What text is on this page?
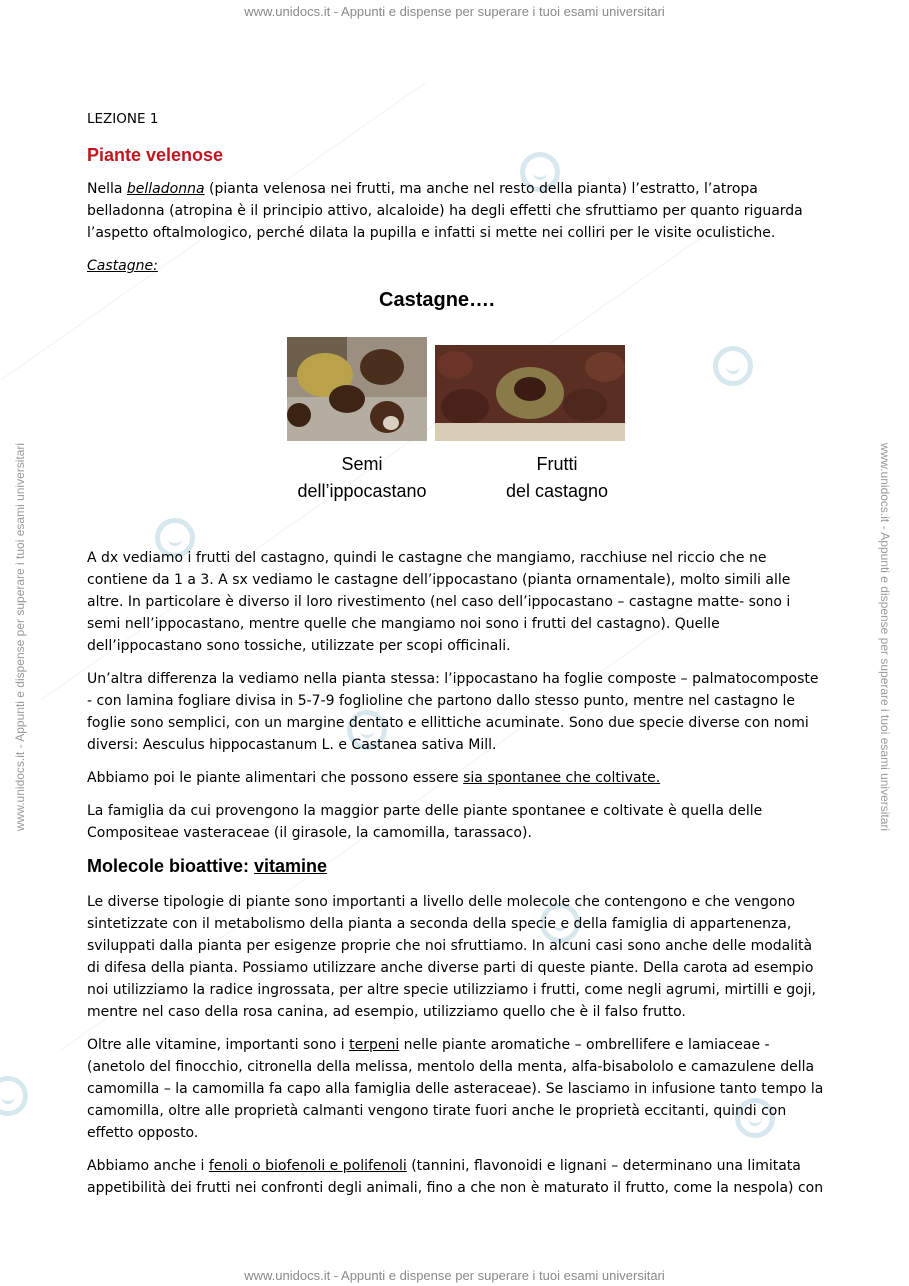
www.unidocs.it - Appunti e dispense per superare i tuoi esami universitari
www.unidocs.it - Appunti e dispense per superare i tuoi esami universitari
www.unidocs.it - Appunti e dispense per superare i tuoi esami universitari	www.unidocs.it - Appunti e dispense per superare i tuoi esami universitari
LEZIONE 1
Piante velenose

Nella belladonna (pianta velenosa nei frutti, ma anche nel resto della pianta) l’estratto, l’atropa belladonna (atropina è il principio attivo, alcaloide) ha degli effetti che sfruttiamo per quanto riguarda l’aspetto oftalmologico, perché dilata la pupilla e infatti si mette nei colliri per le visite oculistiche.

Castagne:

Castagne….
Semi
dell’ippocastano
Frutti
del castagno

A dx vediamo i frutti del castagno, quindi le castagne che mangiamo, racchiuse nel riccio che ne contiene da 1 a 3. A sx vediamo le castagne dell’ippocastano (pianta ornamentale), molto simili alle altre. In particolare è diverso il loro rivestimento (nel caso dell’ippocastano – castagne matte- sono i semi nell’ippocastano, mentre quelle che mangiamo noi sono i frutti del castagno). Quelle dell’ippocastano sono tossiche, utilizzate per scopi officinali.

Un’altra differenza la vediamo nella pianta stessa: l’ippocastano ha foglie composte – palmatocomposte - con lamina fogliare divisa in 5-7-9 foglioline che partono dallo stesso punto, mentre nel castagno le foglie sono semplici, con un margine dentato e ellittiche acuminate. Sono due specie diverse con nomi diversi: Aesculus hippocastanum L. e Castanea sativa Mill.

Abbiamo poi le piante alimentari che possono essere sia spontanee che coltivate.

La famiglia da cui provengono la maggior parte delle piante spontanee e coltivate è quella delle Compositeae vasteraceae (il girasole, la camomilla, tarassaco).

Molecole bioattive: vitamine

Le diverse tipologie di piante sono importanti a livello delle molecole che contengono e che vengono sintetizzate con il metabolismo della pianta a seconda della specie e della famiglia di appartenenza, sviluppati dalla pianta per esigenze proprie che noi sfruttiamo. In alcuni casi sono anche delle modalità di difesa della pianta. Possiamo utilizzare anche diverse parti di queste piante. Della carota ad esempio noi utilizziamo la radice ingrossata, per altre specie utilizziamo i frutti, come negli agrumi, mirtilli e goji, mentre nel caso della rosa canina, ad esempio, utilizziamo quello che è il falso frutto.

Oltre alle vitamine, importanti sono i terpeni nelle piante aromatiche – ombrellifere e lamiaceae - (anetolo del finocchio, citronella della melissa, mentolo della menta, alfa-bisabololo e camazulene della camomilla – la camomilla fa capo alla famiglia delle asteraceae). Se lasciamo in infusione tanto tempo la camomilla, oltre alle proprietà calmanti vengono tirate fuori anche le proprietà eccitanti, quindi con effetto opposto.

Abbiamo anche i fenoli o biofenoli e polifenoli (tannini, flavonoidi e lignani – determinano una limitata appetibilità dei frutti nei confronti degli animali, fino a che non è maturato il frutto, come la nespola) con
